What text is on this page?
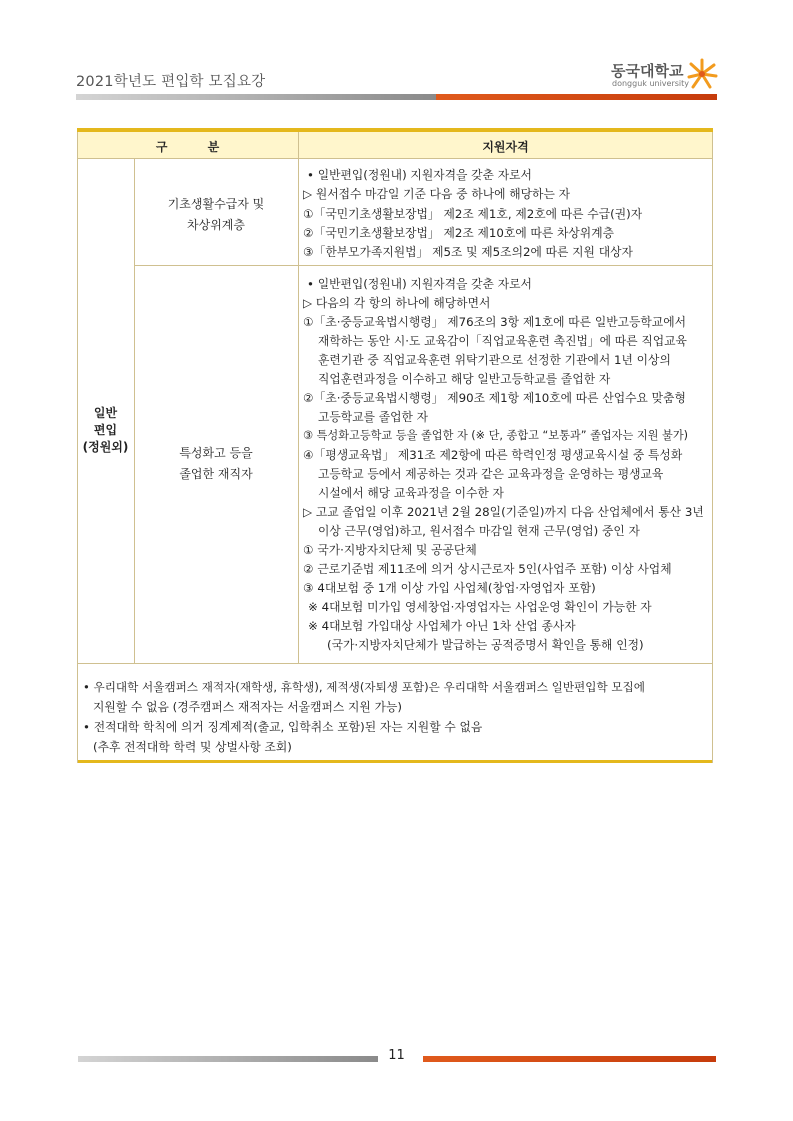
2021학년도 편입학 모집요강
동국대학교
dongguk university
구 분	지원자격
일반
편입
(정원외)
기초생활수급자 및
차상위계층
• 일반편입(정원내) 지원자격을 갖춘 자로서
▷ 원서접수 마감일 기준 다음 중 하나에 해당하는 자
①「국민기초생활보장법」 제2조 제1호, 제2호에 따른 수급(권)자
②「국민기초생활보장법」 제2조 제10호에 따른 차상위계층
③「한부모가족지원법」 제5조 및 제5조의2에 따른 지원 대상자
특성화고 등을
졸업한 재직자
• 일반편입(정원내) 지원자격을 갖춘 자로서
▷ 다음의 각 항의 하나에 해당하면서
①「초·중등교육법시행령」 제76조의 3항 제1호에 따른 일반고등학교에서
재학하는 동안 시·도 교육감이「직업교육훈련 촉진법」에 따른 직업교육
훈련기관 중 직업교육훈련 위탁기관으로 선정한 기관에서 1년 이상의
직업훈련과정을 이수하고 해당 일반고등학교를 졸업한 자
②「초·중등교육법시행령」 제90조 제1항 제10호에 따른 산업수요 맞춤형
고등학교를 졸업한 자
③ 특성화고등학교 등을 졸업한 자 (※ 단, 종합고 “보통과” 졸업자는 지원 불가)
④「평생교육법」 제31조 제2항에 따른 학력인정 평생교육시설 중 특성화
고등학교 등에서 제공하는 것과 같은 교육과정을 운영하는 평생교육
시설에서 해당 교육과정을 이수한 자
▷ 고교 졸업일 이후 2021년 2월 28일(기준일)까지 다음 산업체에서 통산 3년
이상 근무(영업)하고, 원서접수 마감일 현재 근무(영업) 중인 자
① 국가·지방자치단체 및 공공단체
② 근로기준법 제11조에 의거 상시근로자 5인(사업주 포함) 이상 사업체
③ 4대보험 중 1개 이상 가입 사업체(창업·자영업자 포함)
※ 4대보험 미가입 영세창업·자영업자는 사업운영 확인이 가능한 자
※ 4대보험 가입대상 사업체가 아닌 1차 산업 종사자
(국가·지방자치단체가 발급하는 공적증명서 확인을 통해 인정)
• 우리대학 서울캠퍼스 재적자(재학생, 휴학생), 제적생(자퇴생 포함)은 우리대학 서울캠퍼스 일반편입학 모집에
지원할 수 없음 (경주캠퍼스 재적자는 서울캠퍼스 지원 가능)
• 전적대학 학칙에 의거 징계제적(출교, 입학취소 포함)된 자는 지원할 수 없음
(추후 전적대학 학력 및 상벌사항 조회)
11
